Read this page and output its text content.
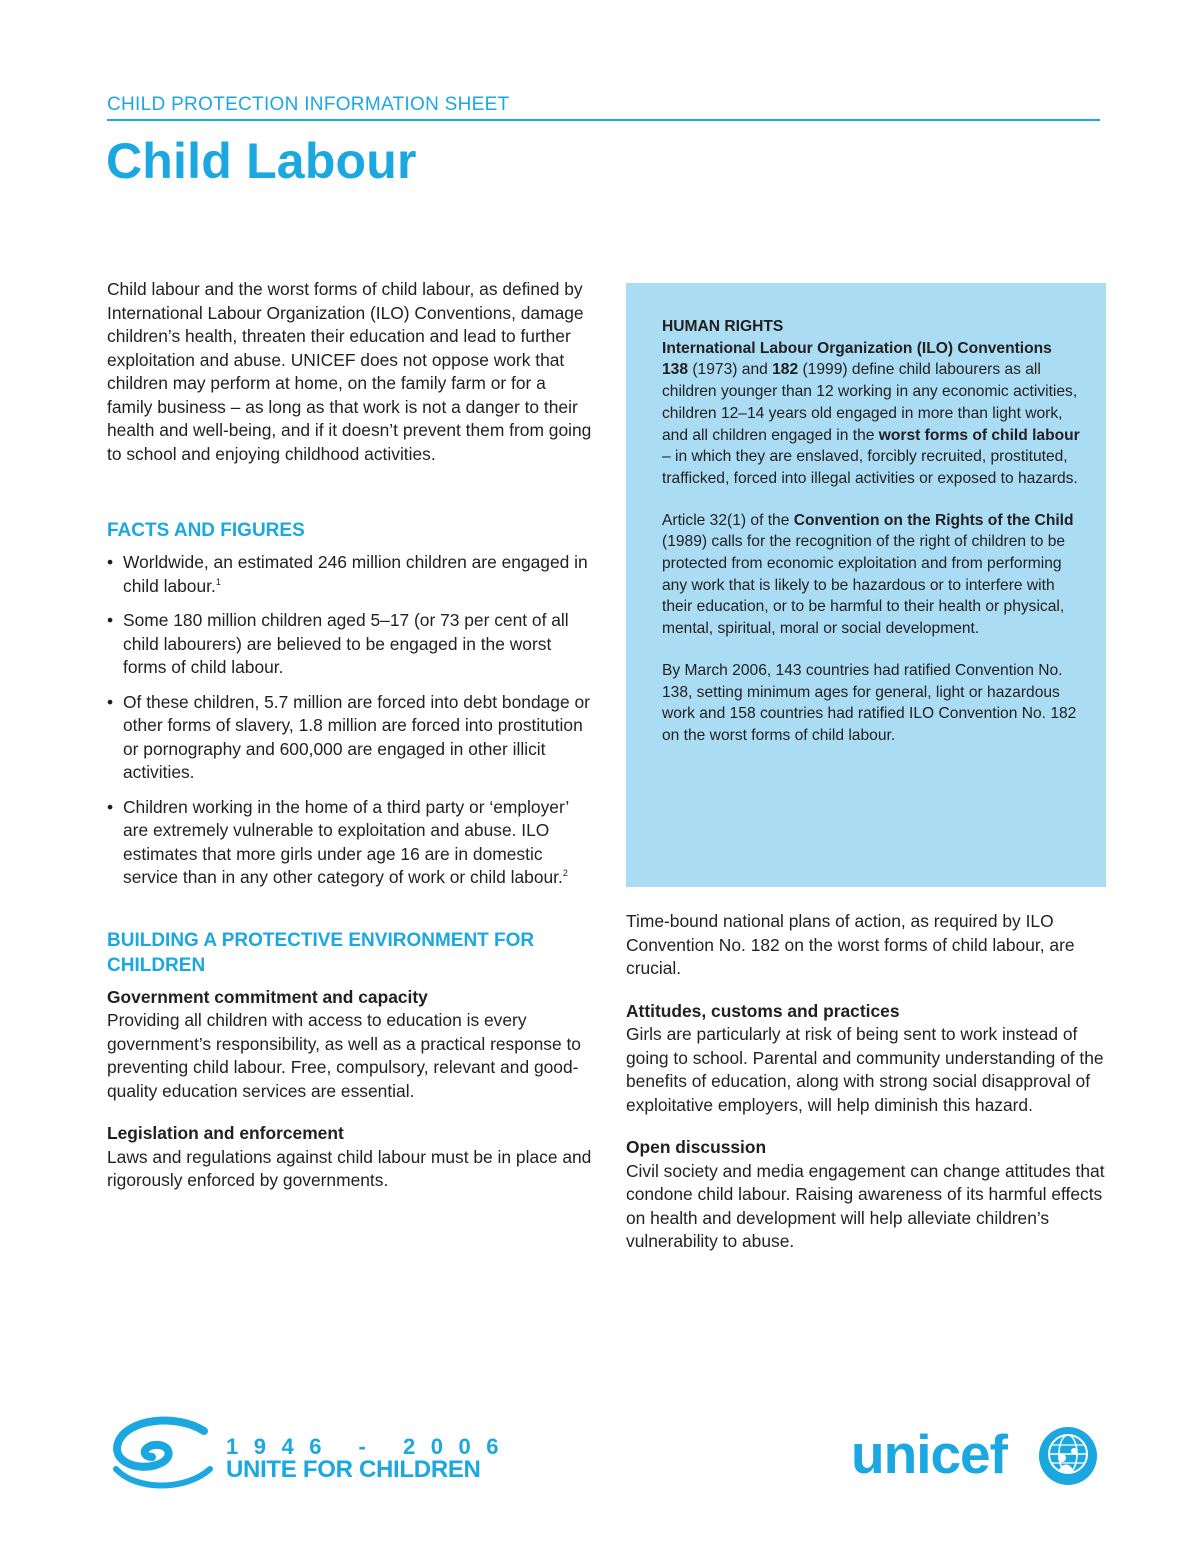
CHILD PROTECTION INFORMATION SHEET
Child Labour

Child labour and the worst forms of child labour, as defined by International Labour Organization (ILO) Conventions, damage children’s health, threaten their education and lead to further exploitation and abuse. UNICEF does not oppose work that children may perform at home, on the family farm or for a family business – as long as that work is not a danger to their health and well-being, and if it doesn’t prevent them from going to school and enjoying childhood activities.

FACTS AND FIGURES
• Worldwide, an estimated 246 million children are engaged in child labour.$^1$
• Some 180 million children aged 5–17 (or 73 per cent of all child labourers) are believed to be engaged in the worst forms of child labour.
• Of these children, 5.7 million are forced into debt bondage or other forms of slavery, 1.8 million are forced into prostitution or pornography and 600,000 are engaged in other illicit activities.
• Children working in the home of a third party or ‘employer’ are extremely vulnerable to exploitation and abuse. ILO estimates that more girls under age 16 are in domestic service than in any other category of work or child labour.$^2$
BUILDING A PROTECTIVE ENVIRONMENT FOR CHILDREN

Government commitment and capacity

Providing all children with access to education is every government’s responsibility, as well as a practical response to preventing child labour. Free, compulsory, relevant and good-quality education services are essential.

Legislation and enforcement

Laws and regulations against child labour must be in place and rigorously enforced by governments.

HUMAN RIGHTS
International Labour Organization (ILO) Conventions 138 (1973) and 182 (1999) define child labourers as all children younger than 12 working in any economic activities, children 12–14 years old engaged in more than light work, and all children engaged in the worst forms of child labour – in which they are enslaved, forcibly recruited, prostituted, trafficked, forced into illegal activities or exposed to hazards.

Article 32(1) of the Convention on the Rights of the Child (1989) calls for the recognition of the right of children to be protected from economic exploitation and from performing any work that is likely to be hazardous or to interfere with their education, or to be harmful to their health or physical, mental, spiritual, moral or social development.

By March 2006, 143 countries had ratified Convention No. 138, setting minimum ages for general, light or hazardous work and 158 countries had ratified ILO Convention No. 182 on the worst forms of child labour.

Time-bound national plans of action, as required by ILO Convention No. 182 on the worst forms of child labour, are crucial.

Attitudes, customs and practices

Girls are particularly at risk of being sent to work instead of going to school. Parental and community understanding of the benefits of education, along with strong social disapproval of exploitative employers, will help diminish this hazard.

Open discussion

Civil society and media engagement can change attitudes that condone child labour. Raising awareness of its harmful effects on health and development will help alleviate children’s vulnerability to abuse.

1946 - 2006
UNITE FOR CHILDREN	unicef
